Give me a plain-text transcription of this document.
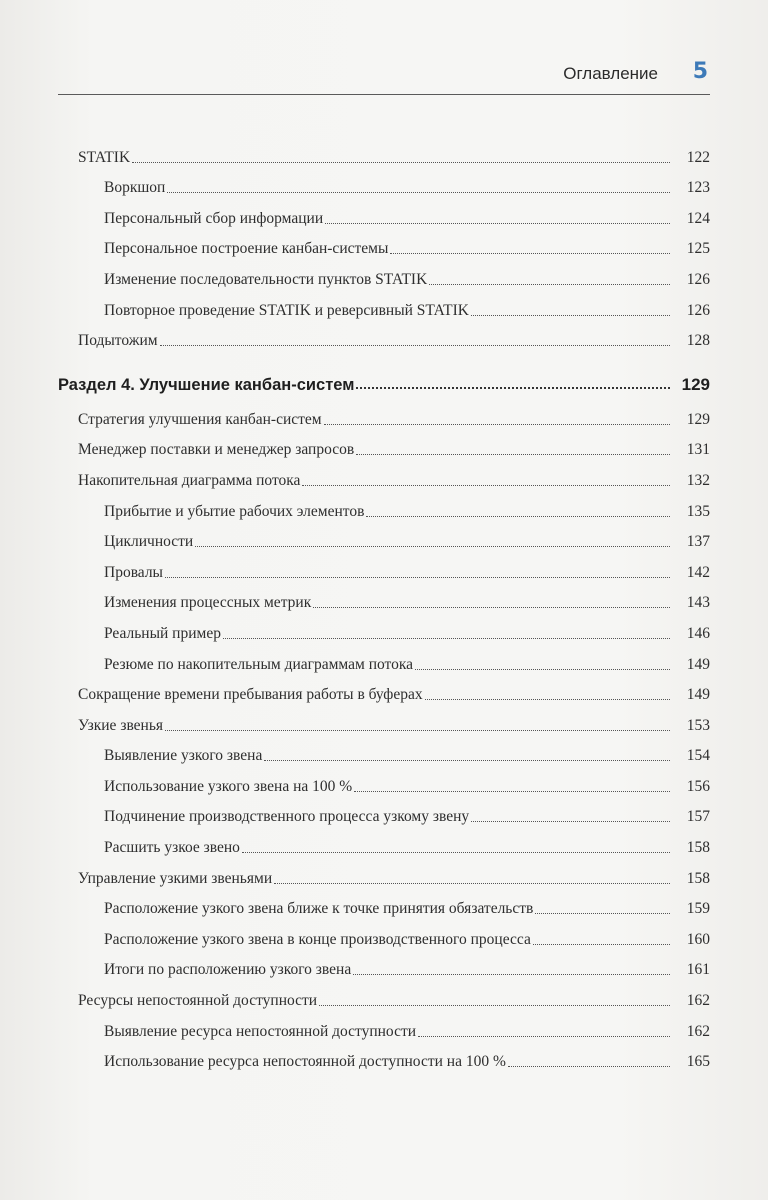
Оглавление 5
STATIK	122
Воркшоп	123
Персональный сбор информации	124
Персональное построение канбан-системы	125
Изменение последовательности пунктов STATIK	126
Повторное проведение STATIK и реверсивный STATIK	126
Подытожим	128
Раздел 4. Улучшение канбан-систем	129
Стратегия улучшения канбан-систем	129
Менеджер поставки и менеджер запросов	131
Накопительная диаграмма потока	132
Прибытие и убытие рабочих элементов	135
Цикличности	137
Провалы	142
Изменения процессных метрик	143
Реальный пример	146
Резюме по накопительным диаграммам потока	149
Сокращение времени пребывания работы в буферах	149
Узкие звенья	153
Выявление узкого звена	154
Использование узкого звена на 100 %	156
Подчинение производственного процесса узкому звену	157
Расшить узкое звено	158
Управление узкими звеньями	158
Расположение узкого звена ближе к точке принятия обязательств	159
Расположение узкого звена в конце производственного процесса	160
Итоги по расположению узкого звена	161
Ресурсы непостоянной доступности	162
Выявление ресурса непостоянной доступности	162
Использование ресурса непостоянной доступности на 100 %	165
